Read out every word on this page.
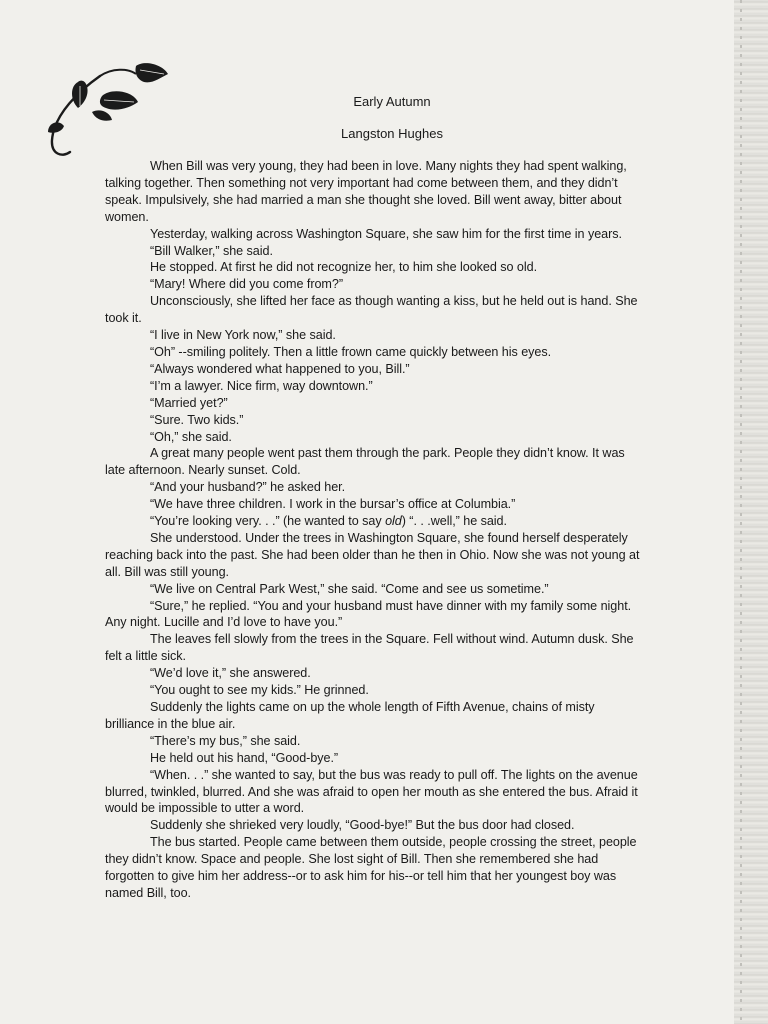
Early Autumn
Langston Hughes

When Bill was very young, they had been in love. Many nights they had spent walking, talking together. Then something not very important had come between them, and they didn’t speak. Impulsively, she had married a man she thought she loved. Bill went away, bitter about women.

Yesterday, walking across Washington Square, she saw him for the first time in years.

“Bill Walker,” she said.

He stopped. At first he did not recognize her, to him she looked so old.

“Mary! Where did you come from?”

Unconsciously, she lifted her face as though wanting a kiss, but he held out is hand. She took it.

“I live in New York now,” she said.

“Oh” --smiling politely. Then a little frown came quickly between his eyes.

“Always wondered what happened to you, Bill.”

“I’m a lawyer. Nice firm, way downtown.”

“Married yet?”

“Sure. Two kids.”

“Oh,” she said.

A great many people went past them through the park. People they didn’t know. It was late afternoon. Nearly sunset. Cold.

“And your husband?” he asked her.

“We have three children. I work in the bursar’s office at Columbia.”

“You’re looking very. . .” (he wanted to say old) “. . .well,” he said.

She understood. Under the trees in Washington Square, she found herself desperately reaching back into the past. She had been older than he then in Ohio. Now she was not young at all. Bill was still young.

“We live on Central Park West,” she said. “Come and see us sometime.”

“Sure,” he replied. “You and your husband must have dinner with my family some night. Any night. Lucille and I’d love to have you.”

The leaves fell slowly from the trees in the Square. Fell without wind. Autumn dusk. She felt a little sick.

“We’d love it,” she answered.

“You ought to see my kids.” He grinned.

Suddenly the lights came on up the whole length of Fifth Avenue, chains of misty brilliance in the blue air.

“There’s my bus,” she said.

He held out his hand, “Good-bye.”

“When. . .” she wanted to say, but the bus was ready to pull off. The lights on the avenue blurred, twinkled, blurred. And she was afraid to open her mouth as she entered the bus. Afraid it would be impossible to utter a word.

Suddenly she shrieked very loudly, “Good-bye!” But the bus door had closed.

The bus started. People came between them outside, people crossing the street, people they didn’t know. Space and people. She lost sight of Bill. Then she remembered she had forgotten to give him her address--or to ask him for his--or tell him that her youngest boy was named Bill, too.
